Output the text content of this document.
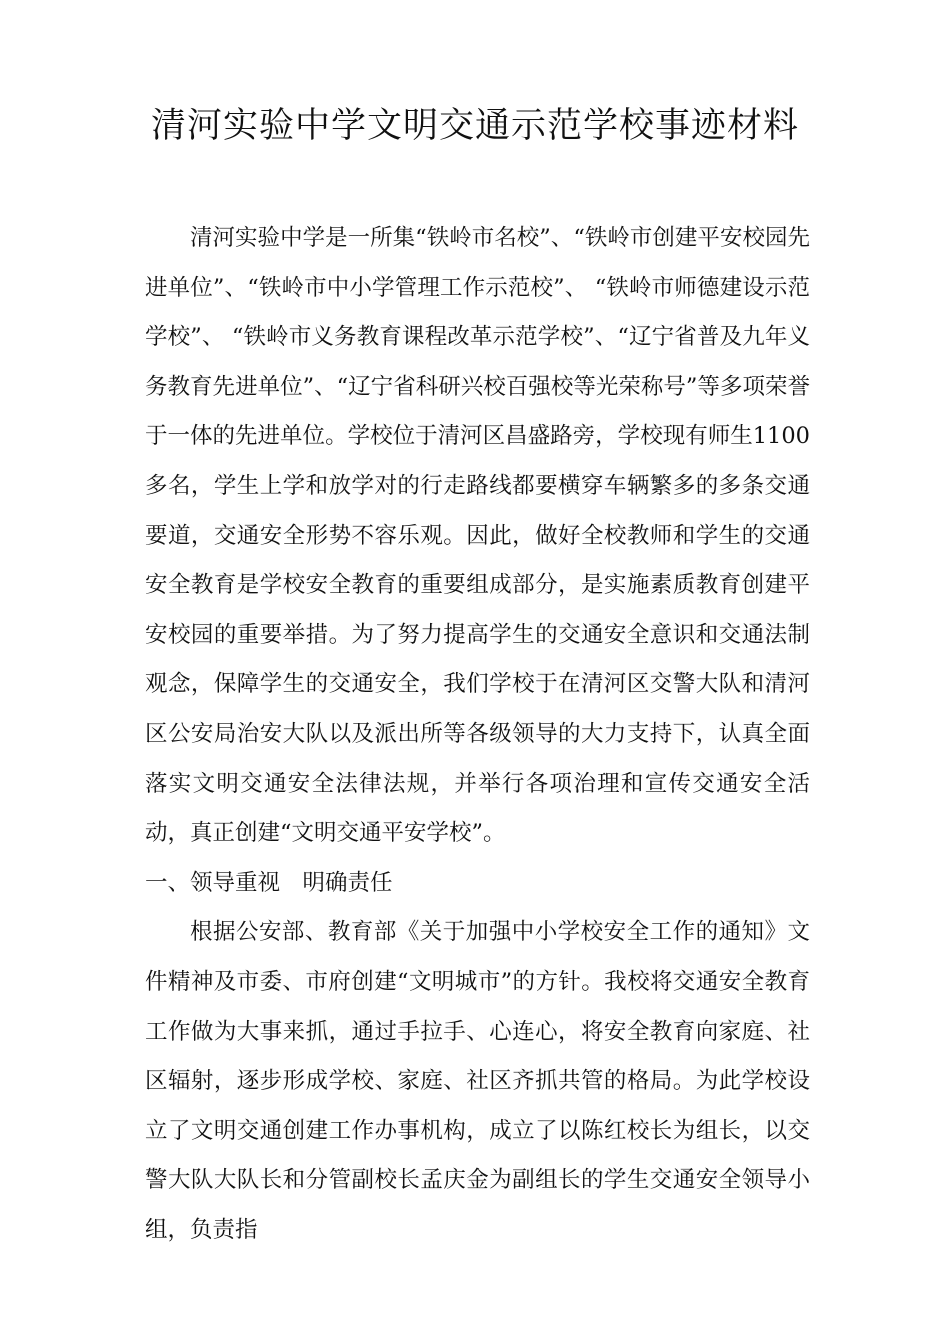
清河实验中学文明交通示范学校事迹材料

清河实验中学是一所集“铁岭市名校”、“铁岭市创建平安校园先进单位”、“铁岭市中小学管理工作示范校”、 “铁岭市师德建设示范学校”、 “铁岭市义务教育课程改革示范学校”、“辽宁省普及九年义务教育先进单位”、“辽宁省科研兴校百强校等光荣称号”等多项荣誉于一体的先进单位。学校位于清河区昌盛路旁，学校现有师生1100多名，学生上学和放学对的行走路线都要横穿车辆繁多的多条交通要道，交通安全形势不容乐观。因此，做好全校教师和学生的交通安全教育是学校安全教育的重要组成部分，是实施素质教育创建平安校园的重要举措。为了努力提高学生的交通安全意识和交通法制观念，保障学生的交通安全，我们学校于在清河区交警大队和清河区公安局治安大队以及派出所等各级领导的大力支持下，认真全面落实文明交通安全法律法规，并举行各项治理和宣传交通安全活动，真正创建“文明交通平安学校”。

一、领导重视　明确责任

根据公安部、教育部《关于加强中小学校安全工作的通知》文件精神及市委、市府创建“文明城市”的方针。我校将交通安全教育工作做为大事来抓，通过手拉手、心连心，将安全教育向家庭、社区辐射，逐步形成学校、家庭、社区齐抓共管的格局。为此学校设立了文明交通创建工作办事机构，成立了以陈红校长为组长，以交警大队大队长和分管副校长孟庆金为副组长的学生交通安全领导小组，负责指
